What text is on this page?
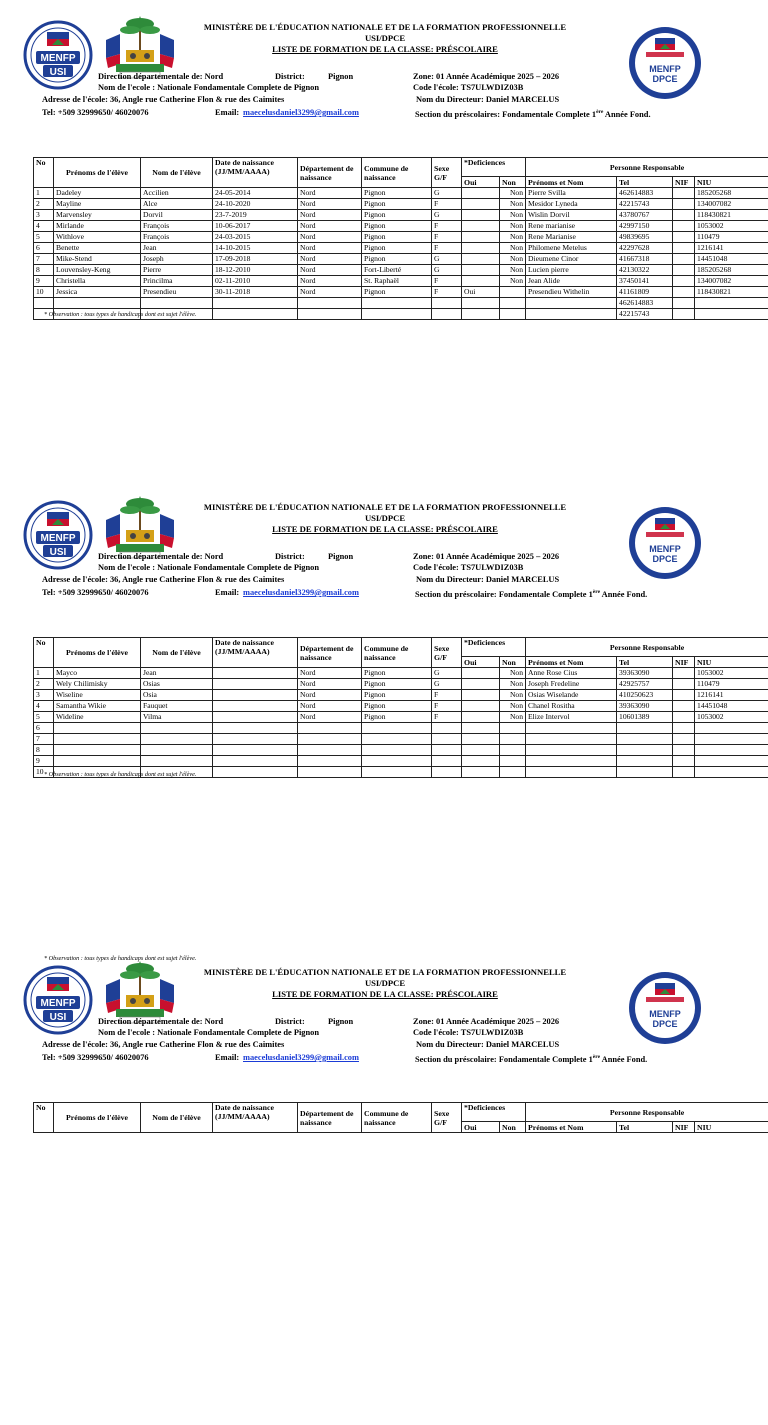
MENFP
USI	MENFP
DPCE
MINISTÈRE DE L'ÉDUCATION NATIONALE ET DE LA FORMATION PROFESSIONNELLE
USI/DPCE
LISTE DE FORMATION DE LA CLASSE: PRÉSCOLAIRE
Direction départementale de: Nord	District:	Pignon	Zone: 01 Année Académique 2025 – 2026
Nom de l'ecole : Nationale Fondamentale Complete de Pignon	Code l'école: TS7ULWDIZ03B
Adresse de l'école: 36, Angle rue Catherine Flon & rue des Caimites	Nom du Directeur: Daniel MARCELUS
Tel: +509 32999650/ 46020076	Email: maecelusdaniel3299@gmail.com	Section du préscolaires: Fondamentale Complete 1ère Année Fond.
No	Prénoms de l'élève	Nom de l'élève	Date de naissance (JJ/MM/AAAA)	Département de naissance	Commune de naissance	Sexe G/F	*Deficiences		Personne Responsable			
							Oui	Non	Prénoms et Nom	Tel	NIF	NIU
1	Dadeley	Accilien	24-05-2014	Nord	Pignon	G		Non	Pierre Svilla	462614883		185205268
2	Mayline	Alce	24-10-2020	Nord	Pignon	F		Non	Mesidor Lyneda	42215743		134007082
3	Marvensley	Dorvil	23-7-2019	Nord	Pignon	G		Non	Wislin Dorvil	43780767		118430821
4	Mirlande	François	10-06-2017	Nord	Pignon	F		Non	Rene marianise	42997150		1053002
5	Withlove	François	24-03-2015	Nord	Pignon	F		Non	Rene Marianise	49839695		110479
6	Benette	Jean	14-10-2015	Nord	Pignon	F		Non	Philomene Metelus	42297628		1216141
7	Mike-Stend	Joseph	17-09-2018	Nord	Pignon	G		Non	Dieumene Cinor	41667318		14451048
8	Louvensley-Keng	Pierre	18-12-2010	Nord	Fort-Liberté	G		Non	Lucien pierre	42130322		185205268
9	Christella	Princilma	02-11-2010	Nord	St. Raphaël	F		Non	Jean Alide	37450141		134007082
10	Jessica	Presendieu	30-11-2018	Nord	Pignon	F	Oui		Presendieu Withelin	41161809		118430821
										462614883		
										42215743		
* Observation : tous types de handicaps dont est sujet l'élève.
MENFP
USI	MENFP
DPCE
MINISTÈRE DE L'ÉDUCATION NATIONALE ET DE LA FORMATION PROFESSIONNELLE
USI/DPCE
LISTE DE FORMATION DE LA CLASSE: PRÉSCOLAIRE
Direction départementale de: Nord	District:	Pignon	Zone: 01 Année Académique 2025 – 2026
Nom de l'ecole : Nationale Fondamentale Complete de Pignon	Code l'école: TS7ULWDIZ03B
Adresse de l'école: 36, Angle rue Catherine Flon & rue des Caimites	Nom du Directeur: Daniel MARCELUS
Tel: +509 32999650/ 46020076	Email: maecelusdaniel3299@gmail.com	Section du préscolaire: Fondamentale Complete 1ère Année Fond.
No	Prénoms de l'élève	Nom de l'élève	Date de naissance (JJ/MM/AAAA)	Département de naissance	Commune de naissance	Sexe G/F	*Deficiences		Personne Responsable			
							Oui	Non	Prénoms et Nom	Tel	NIF	NIU
1	Mayco	Jean		Nord	Pignon	G		Non	Anne Rose Cius	39363090		1053002
2	Wely Chilimisky	Osias		Nord	Pignon	G		Non	Joseph Fredeline	42925757		110479
3	Wiseline	Osia		Nord	Pignon	F		Non	Osias Wiselande	410250623		1216141
4	Samantha Wikie	Fauquet		Nord	Pignon	F		Non	Chanel Rositha	39363090		14451048
5	Wideline	Vilma		Nord	Pignon	F		Non	Elize Intervol	10601389		1053002
6												
7												
8												
9												
10												* Observation : tous types de handicaps dont est sujet l'élève.
MENFP
USI	MENFP
DPCE
MINISTÈRE DE L'ÉDUCATION NATIONALE ET DE LA FORMATION PROFESSIONNELLE
USI/DPCE
LISTE DE FORMATION DE LA CLASSE: PRÉSCOLAIRE
Direction départementale de: Nord	District:	Pignon	Zone: 01 Année Académique 2025 – 2026
Nom de l'ecole : Nationale Fondamentale Complete de Pignon	Code l'école: TS7ULWDIZ03B
Adresse de l'école: 36, Angle rue Catherine Flon & rue des Caimites	Nom du Directeur: Daniel MARCELUS
Tel: +509 32999650/ 46020076	Email: maecelusdaniel3299@gmail.com	Section du préscolaire: Fondamentale Complete 1ère Année Fond.
No	Prénoms de l'élève	Nom de l'élève	Date de naissance (JJ/MM/AAAA)	Département de naissance	Commune de naissance	Sexe G/F	*Deficiences		Personne Responsable			
							Oui	Non	Prénoms et Nom	Tel	NIF	NIU
* Observation : tous types de handicaps dont est sujet l'élève.
